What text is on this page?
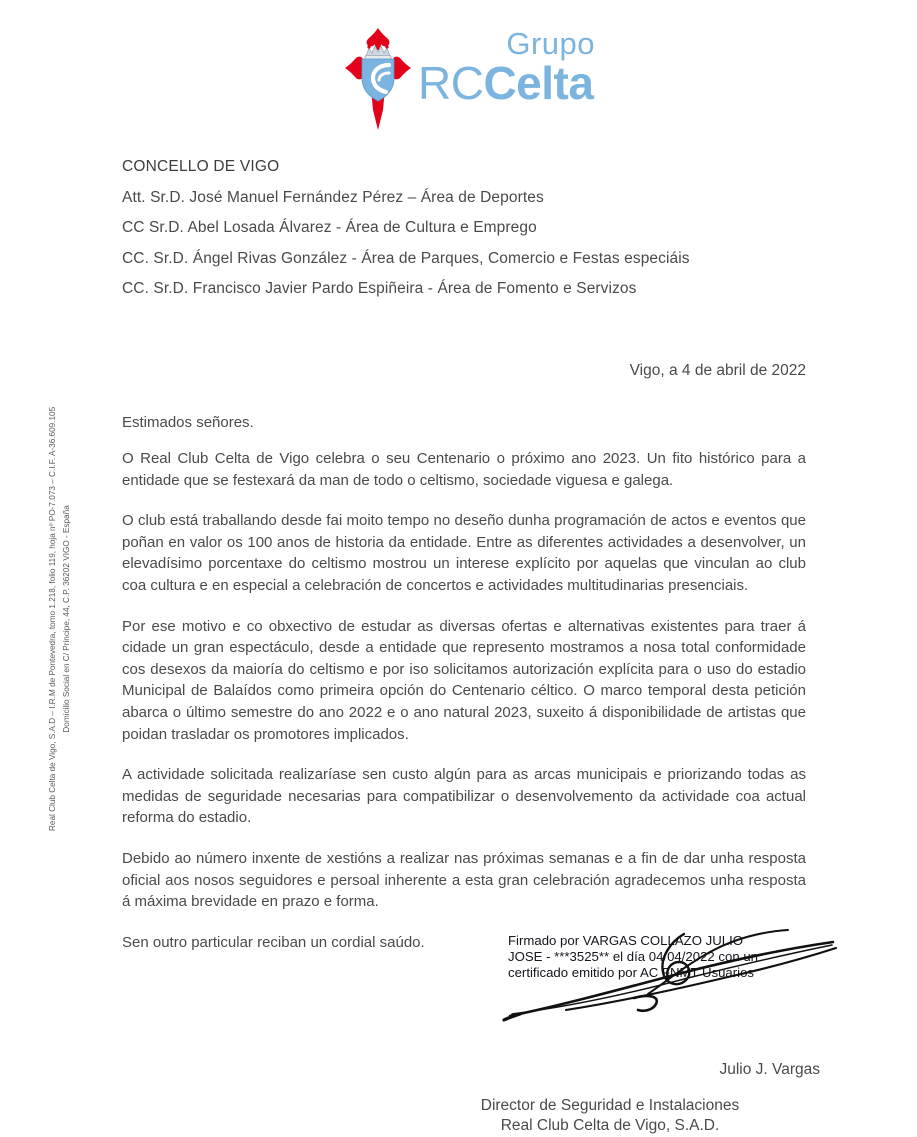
Grupo
RCCelta
Real Club Celta de Vigo, S.A.D – I.R.M de Pontevedra, tomo 1.218, folio 119, hoja nº PO-7.073 – C.I.F. A-36.609.105 Domicilio Social en C/ Principe, 44, C.P. 36202 VIGO - España
CONCELLO DE VIGO
Att. Sr.D. José Manuel Fernández Pérez – Área de Deportes
CC Sr.D. Abel Losada Álvarez - Área de Cultura e Emprego
CC. Sr.D. Ángel Rivas González - Área de Parques, Comercio e Festas especiáis
CC. Sr.D. Francisco Javier Pardo Espiñeira - Área de Fomento e Servizos
Vigo, a 4 de abril de 2022
Estimados señores.

O Real Club Celta de Vigo celebra o seu Centenario o próximo ano 2023. Un fito histórico para a entidade que se festexará da man de todo o celtismo, sociedade viguesa e galega.

O club está traballando desde fai moito tempo no deseño dunha programación de actos e eventos que poñan en valor os 100 anos de historia da entidade. Entre as diferentes actividades a desenvolver, un elevadísimo porcentaxe do celtismo mostrou un interese explícito por aquelas que vinculan ao club coa cultura e en especial a celebración de concertos e actividades multitudinarias presenciais.

Por ese motivo e co obxectivo de estudar as diversas ofertas e alternativas existentes para traer á cidade un gran espectáculo, desde a entidade que represento mostramos a nosa total conformidade cos desexos da maioría do celtismo e por iso solicitamos autorización explícita para o uso do estadio Municipal de Balaídos como primeira opción do Centenario céltico. O marco temporal desta petición abarca o último semestre do ano 2022 e o ano natural 2023, suxeito á disponibilidade de artistas que poidan trasladar os promotores implicados.

A actividade solicitada realizaríase sen custo algún para as arcas municipais e priorizando todas as medidas de seguridade necesarias para compatibilizar o desenvolvemento da actividade coa actual reforma do estadio.

Debido ao número inxente de xestións a realizar nas próximas semanas e a fin de dar unha resposta oficial aos nosos seguidores e persoal inherente a esta gran celebración agradecemos unha resposta á máxima brevidade en prazo e forma.

Sen outro particular reciban un cordial saúdo.	Firmado por VARGAS COLLAZO JULIO
JOSE - ***3525** el día 04/04/2022 con un
certificado emitido por AC FNMT Usuarios
Julio J. Vargas
Director de Seguridad e Instalaciones
Real Club Celta de Vigo, S.A.D.
